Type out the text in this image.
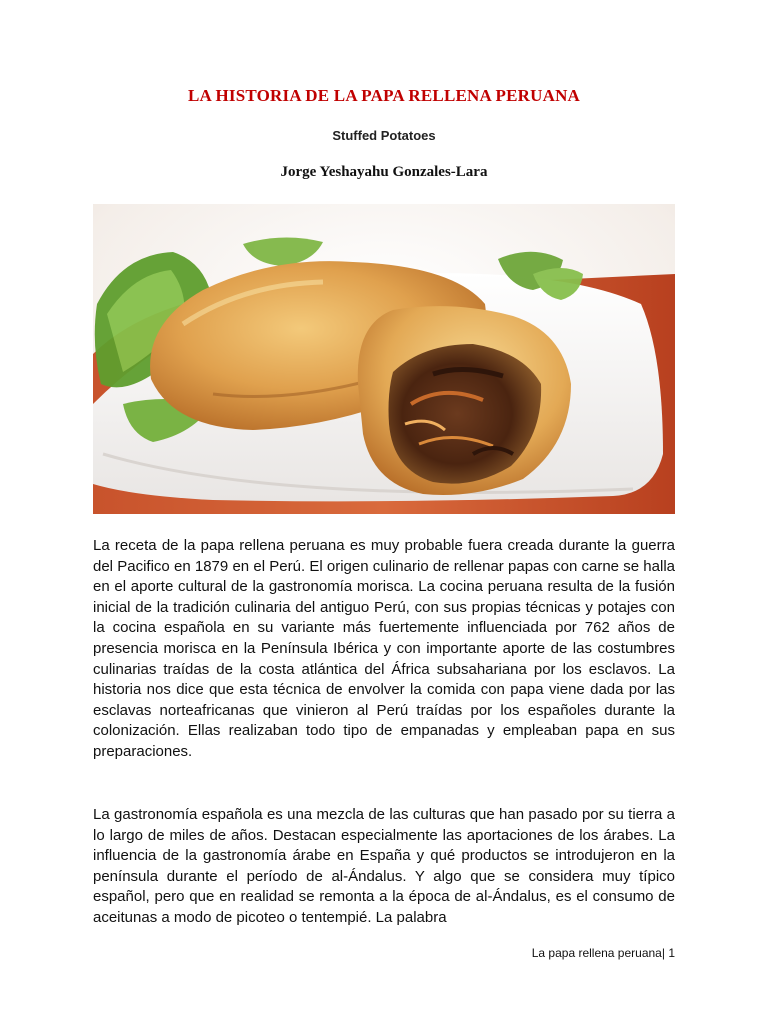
LA HISTORIA DE LA PAPA RELLENA PERUANA
Stuffed Potatoes
Jorge Yeshayahu Gonzales-Lara

La receta de la papa rellena peruana es muy probable fuera creada durante la guerra del Pacifico en 1879 en el Perú. El origen culinario de rellenar papas con carne se halla en el aporte cultural de la gastronomía morisca. La cocina peruana resulta de la fusión inicial de la tradición culinaria del antiguo Perú, con sus propias técnicas y potajes con la cocina española en su variante más fuertemente influenciada por 762 años de presencia morisca en la Península Ibérica y con importante aporte de las costumbres culinarias traídas de la costa atlántica del África subsahariana por los esclavos. La historia nos dice que esta técnica de envolver la comida con papa viene dada por las esclavas norteafricanas que vinieron al Perú traídas por los españoles durante la colonización. Ellas realizaban todo tipo de empanadas y empleaban papa en sus preparaciones.

La gastronomía española es una mezcla de las culturas que han pasado por su tierra a lo largo de miles de años. Destacan especialmente las aportaciones de los árabes. La influencia de la gastronomía árabe en España y qué productos se introdujeron en la península durante el período de al-Ándalus. Y algo que se considera muy típico español, pero que en realidad se remonta a la época de al-Ándalus, es el consumo de aceitunas a modo de picoteo o tentempié. La palabra

La papa rellena peruana| 1
